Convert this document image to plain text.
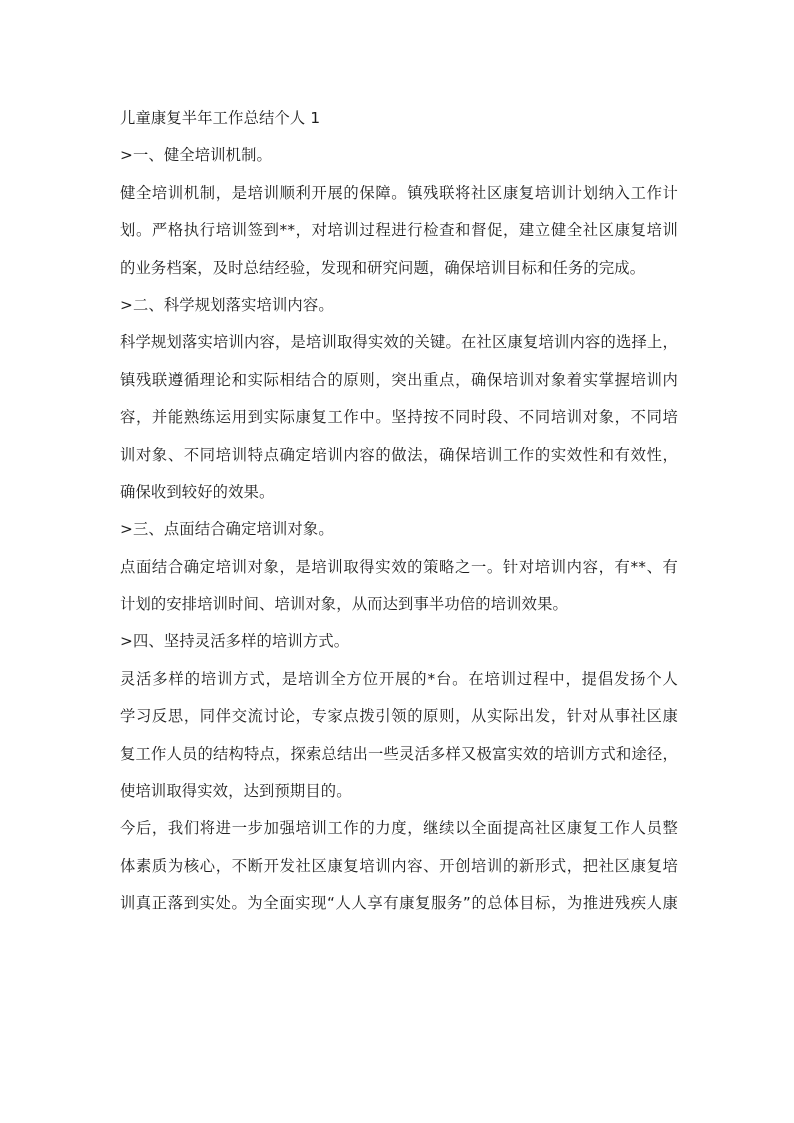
儿童康复半年工作总结个人 1
>一、健全培训机制。
健全培训机制，是培训顺利开展的保障。镇残联将社区康复培训计划纳入工作计
划。严格执行培训签到**，对培训过程进行检查和督促，建立健全社区康复培训
的业务档案，及时总结经验，发现和研究问题，确保培训目标和任务的完成。
>二、科学规划落实培训内容。
科学规划落实培训内容，是培训取得实效的关键。在社区康复培训内容的选择上，
镇残联遵循理论和实际相结合的原则，突出重点，确保培训对象着实掌握培训内
容，并能熟练运用到实际康复工作中。坚持按不同时段、不同培训对象，不同培
训对象、不同培训特点确定培训内容的做法，确保培训工作的实效性和有效性，
确保收到较好的效果。
>三、点面结合确定培训对象。
点面结合确定培训对象，是培训取得实效的策略之一。针对培训内容，有**、有
计划的安排培训时间、培训对象，从而达到事半功倍的培训效果。
>四、坚持灵活多样的培训方式。
灵活多样的培训方式，是培训全方位开展的*台。在培训过程中，提倡发扬个人
学习反思，同伴交流讨论，专家点拨引领的原则，从实际出发，针对从事社区康
复工作人员的结构特点，探索总结出一些灵活多样又极富实效的培训方式和途径，
使培训取得实效，达到预期目的。
今后，我们将进一步加强培训工作的力度，继续以全面提高社区康复工作人员整
体素质为核心，不断开发社区康复培训内容、开创培训的新形式，把社区康复培
训真正落到实处。为全面实现“人人享有康复服务”的总体目标，为推进残疾人康
